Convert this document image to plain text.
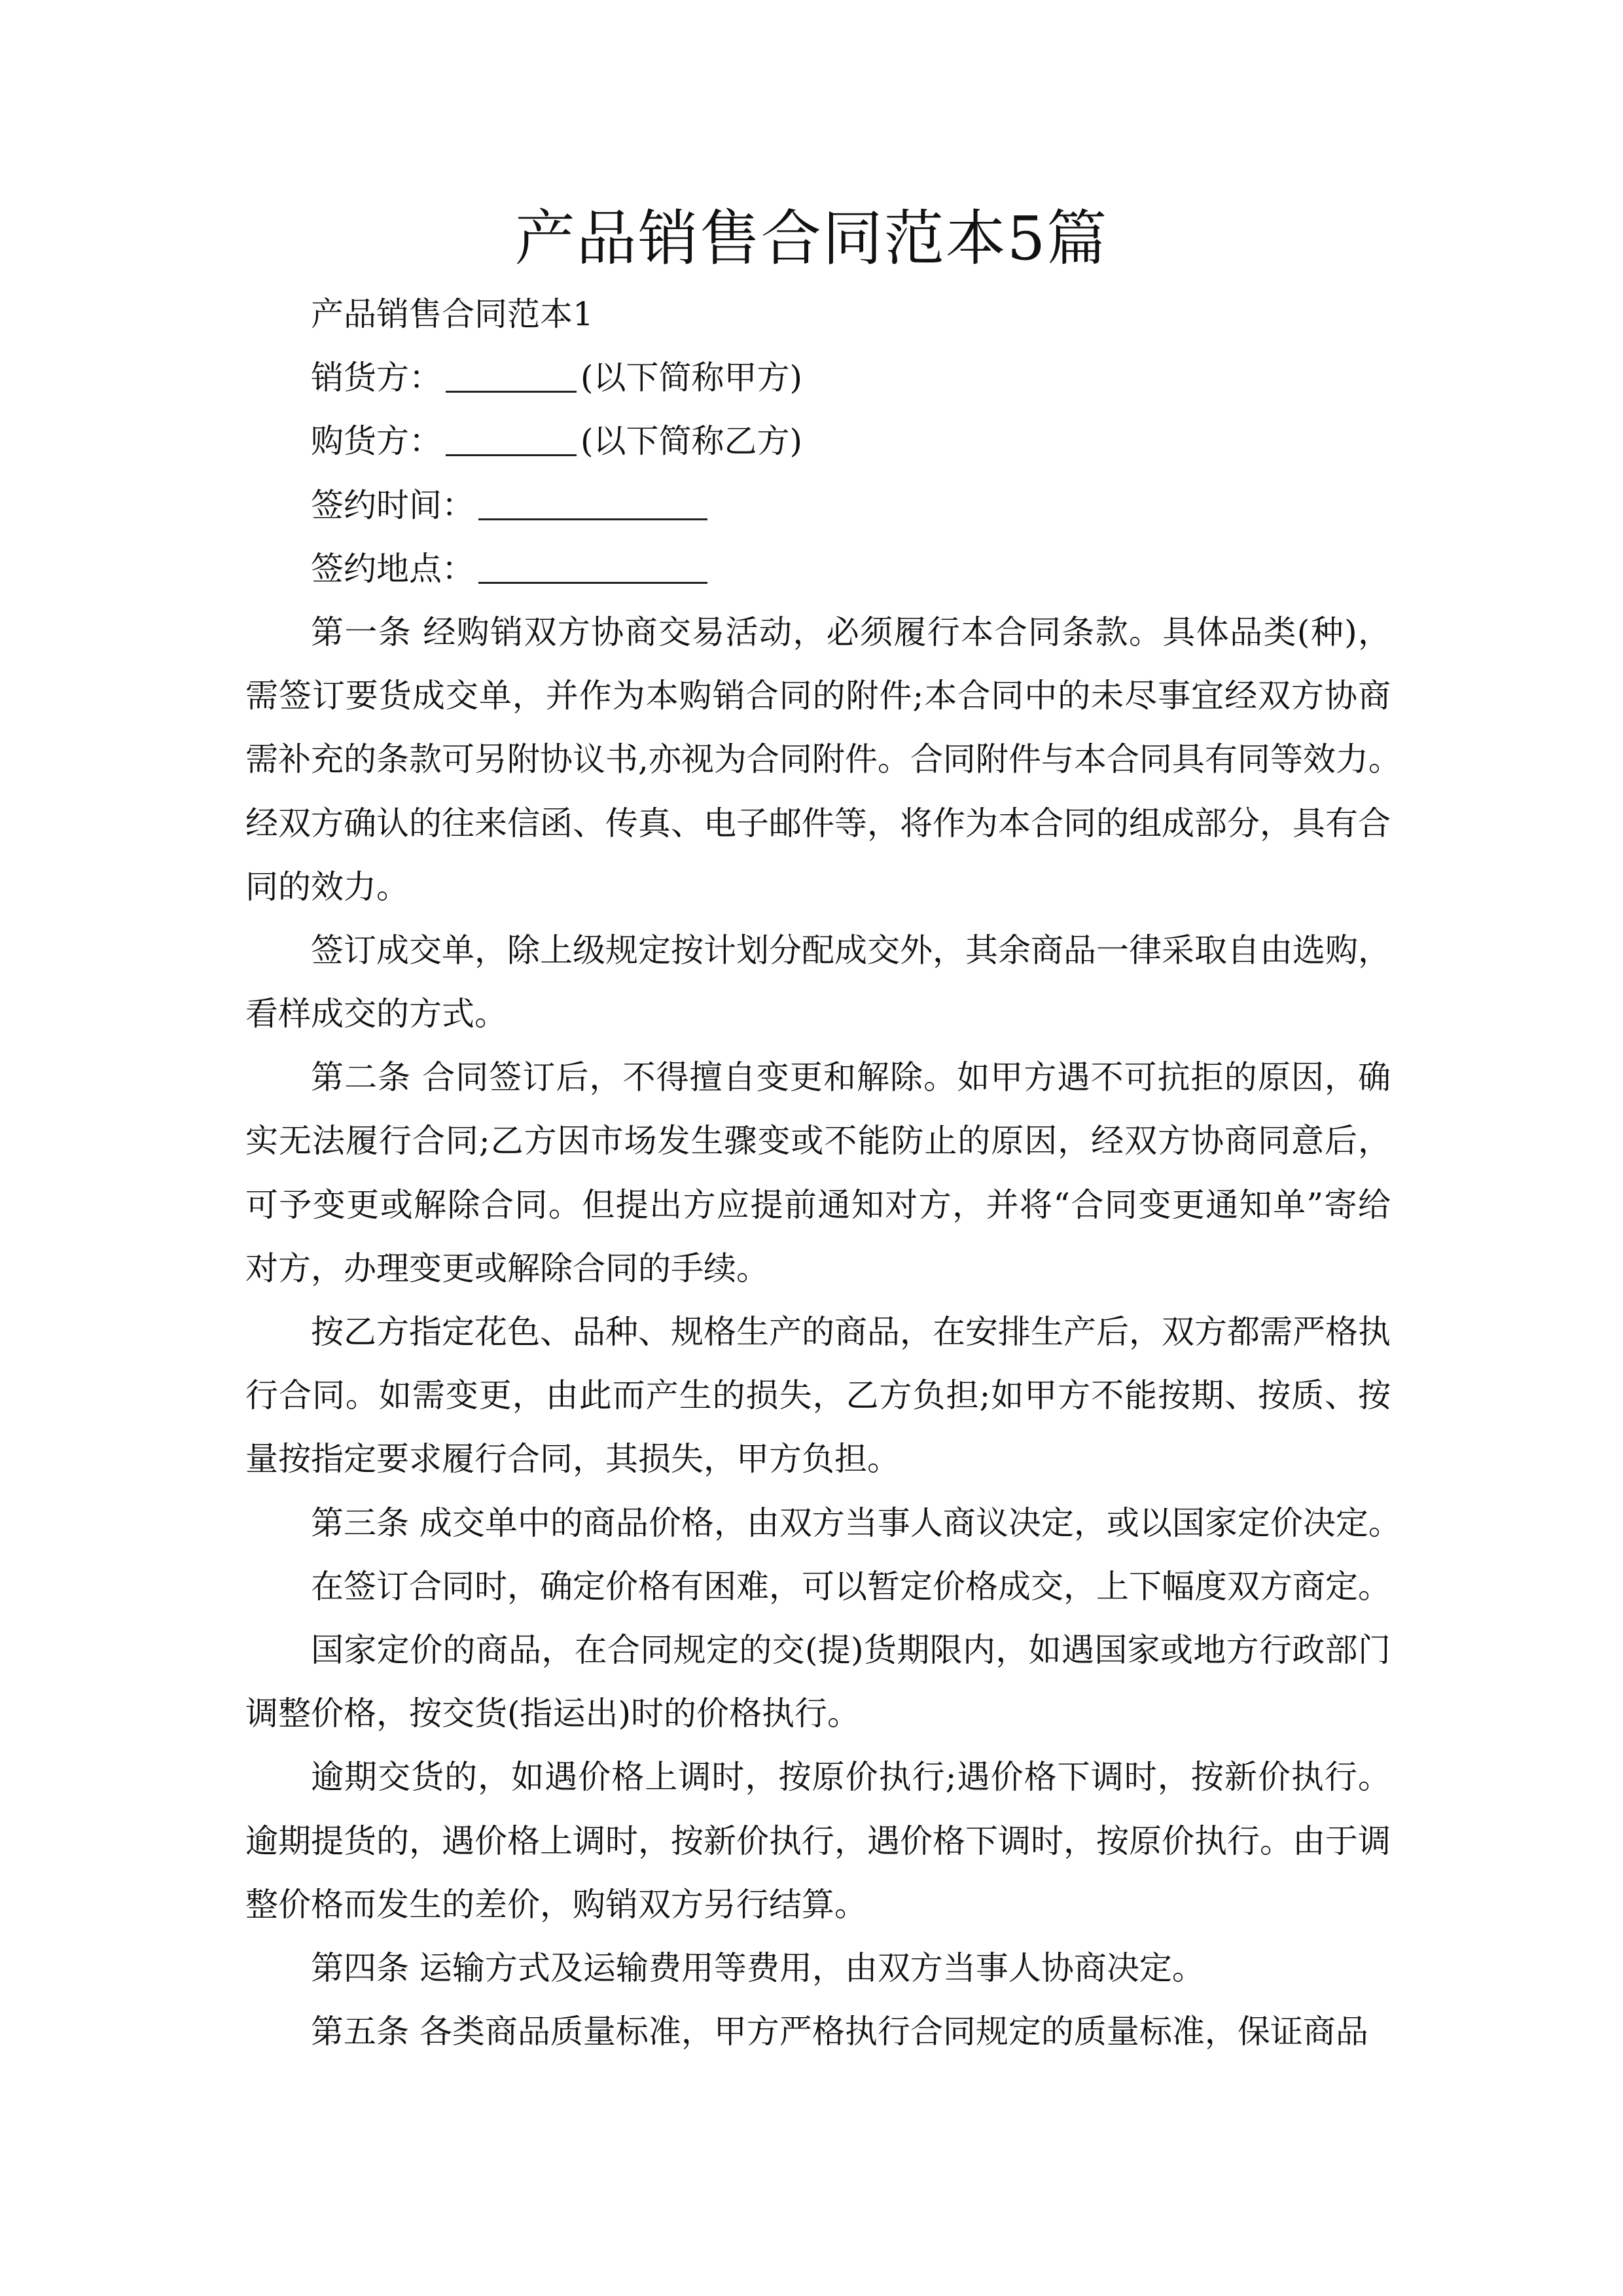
产品销售合同范本5篇
产品销售合同范本1
销货方：	(以下简称甲方)
购货方：	(以下简称乙方)
签约时间：
签约地点：
第一条 经购销双方协商交易活动，必须履行本合同条款。具体品类(种)，
需签订要货成交单，并作为本购销合同的附件;本合同中的未尽事宜经双方协商
需补充的条款可另附协议书,亦视为合同附件。合同附件与本合同具有同等效力。
经双方确认的往来信函、传真、电子邮件等，将作为本合同的组成部分，具有合
同的效力。
签订成交单，除上级规定按计划分配成交外，其余商品一律采取自由选购，
看样成交的方式。
第二条 合同签订后，不得擅自变更和解除。如甲方遇不可抗拒的原因，确
实无法履行合同;乙方因市场发生骤变或不能防止的原因，经双方协商同意后，
可予变更或解除合同。但提出方应提前通知对方，并将“合同变更通知单”寄给
对方，办理变更或解除合同的手续。
按乙方指定花色、品种、规格生产的商品，在安排生产后，双方都需严格执
行合同。如需变更，由此而产生的损失，乙方负担;如甲方不能按期、按质、按
量按指定要求履行合同，其损失，甲方负担。
第三条 成交单中的商品价格，由双方当事人商议决定，或以国家定价决定。
在签订合同时，确定价格有困难，可以暂定价格成交，上下幅度双方商定。
国家定价的商品，在合同规定的交(提)货期限内，如遇国家或地方行政部门
调整价格，按交货(指运出)时的价格执行。
逾期交货的，如遇价格上调时，按原价执行;遇价格下调时，按新价执行。
逾期提货的，遇价格上调时，按新价执行，遇价格下调时，按原价执行。由于调
整价格而发生的差价，购销双方另行结算。
第四条 运输方式及运输费用等费用，由双方当事人协商决定。
第五条 各类商品质量标准，甲方严格执行合同规定的质量标准，保证商品
